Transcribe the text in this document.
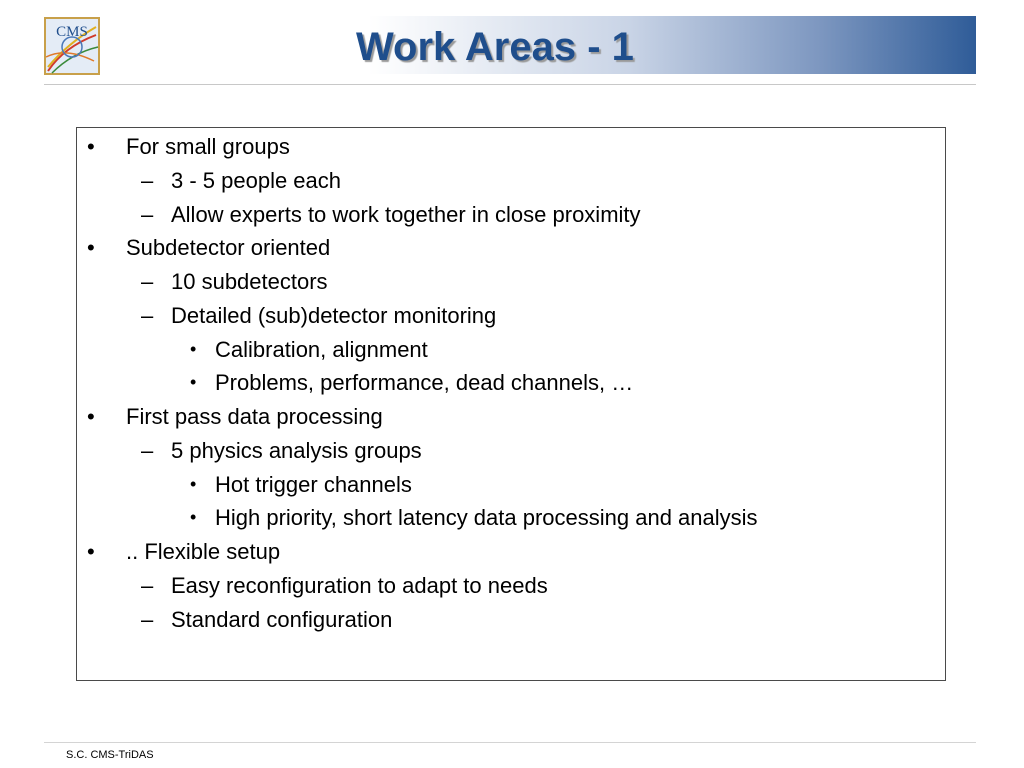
CMS	Work Areas - 1
• For small groups
– 3 - 5 people each
– Allow experts to work together in close proximity
• Subdetector oriented
– 10 subdetectors
– Detailed (sub)detector monitoring
• Calibration, alignment
• Problems, performance, dead channels, …
• First pass data processing
– 5 physics analysis groups
• Hot trigger channels
• High priority, short latency data processing and analysis
• .. Flexible setup
– Easy reconfiguration to adapt to needs
– Standard configuration
S.C. CMS-TriDAS
